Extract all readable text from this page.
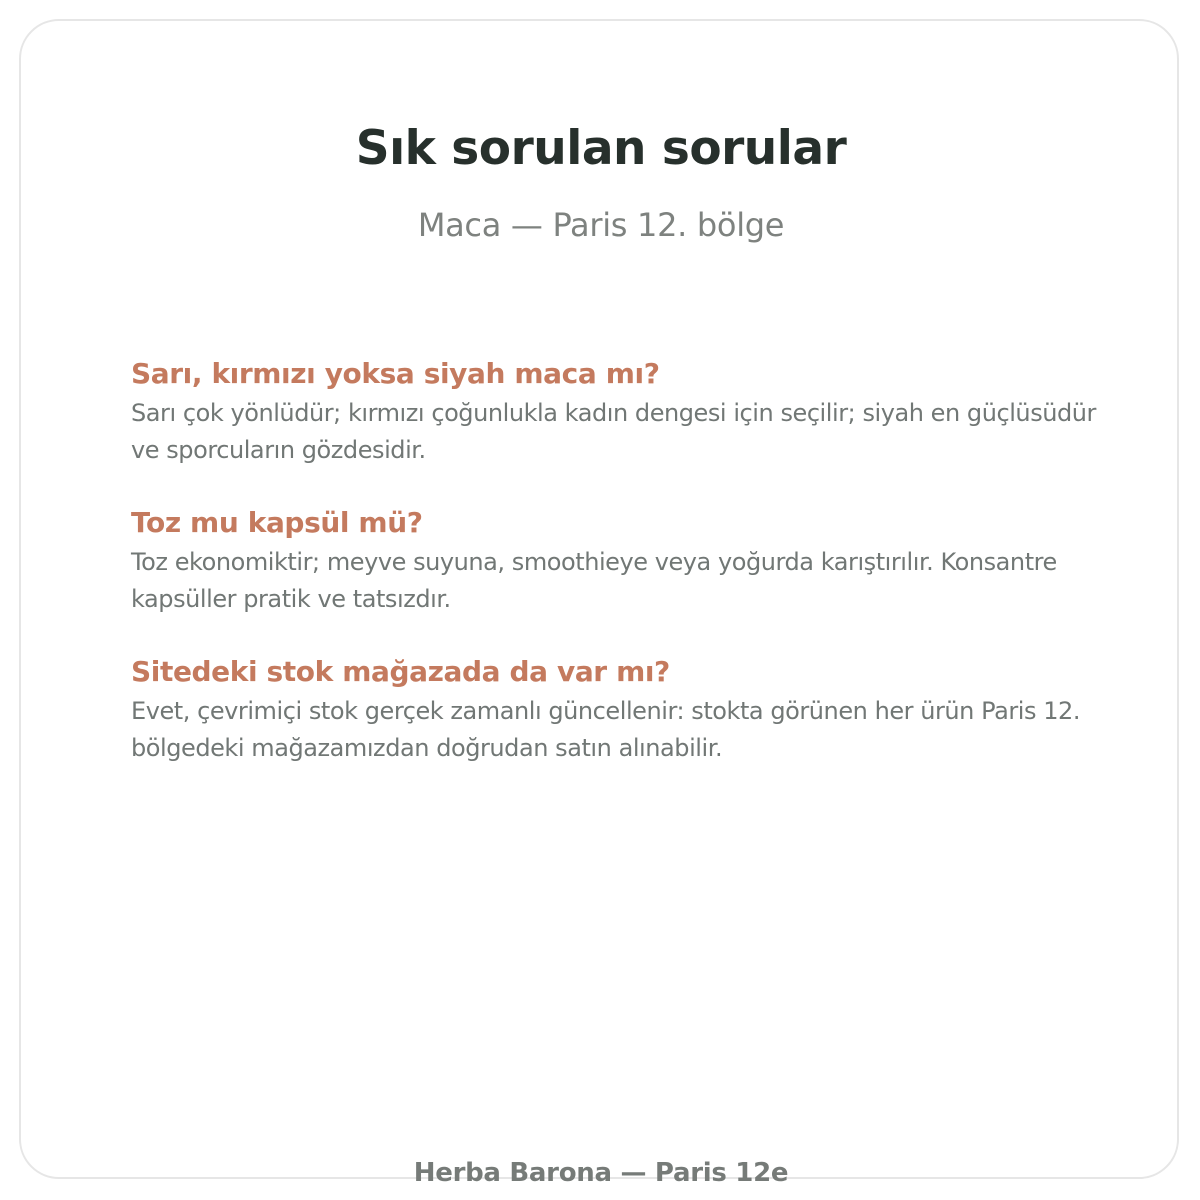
Sık sorulan sorular
Maca — Paris 12. bölge
Sarı, kırmızı yoksa siyah maca mı?
Sarı çok yönlüdür; kırmızı çoğunlukla kadın dengesi için seçilir; siyah en güçlüsüdür ve sporcuların gözdesidir.
Toz mu kapsül mü?
Toz ekonomiktir; meyve suyuna, smoothieye veya yoğurda karıştırılır. Konsantre kapsüller pratik ve tatsızdır.
Sitedeki stok mağazada da var mı?
Evet, çevrimiçi stok gerçek zamanlı güncellenir: stokta görünen her ürün Paris 12. bölgedeki mağazamızdan doğrudan satın alınabilir.
Herba Barona — Paris 12e
